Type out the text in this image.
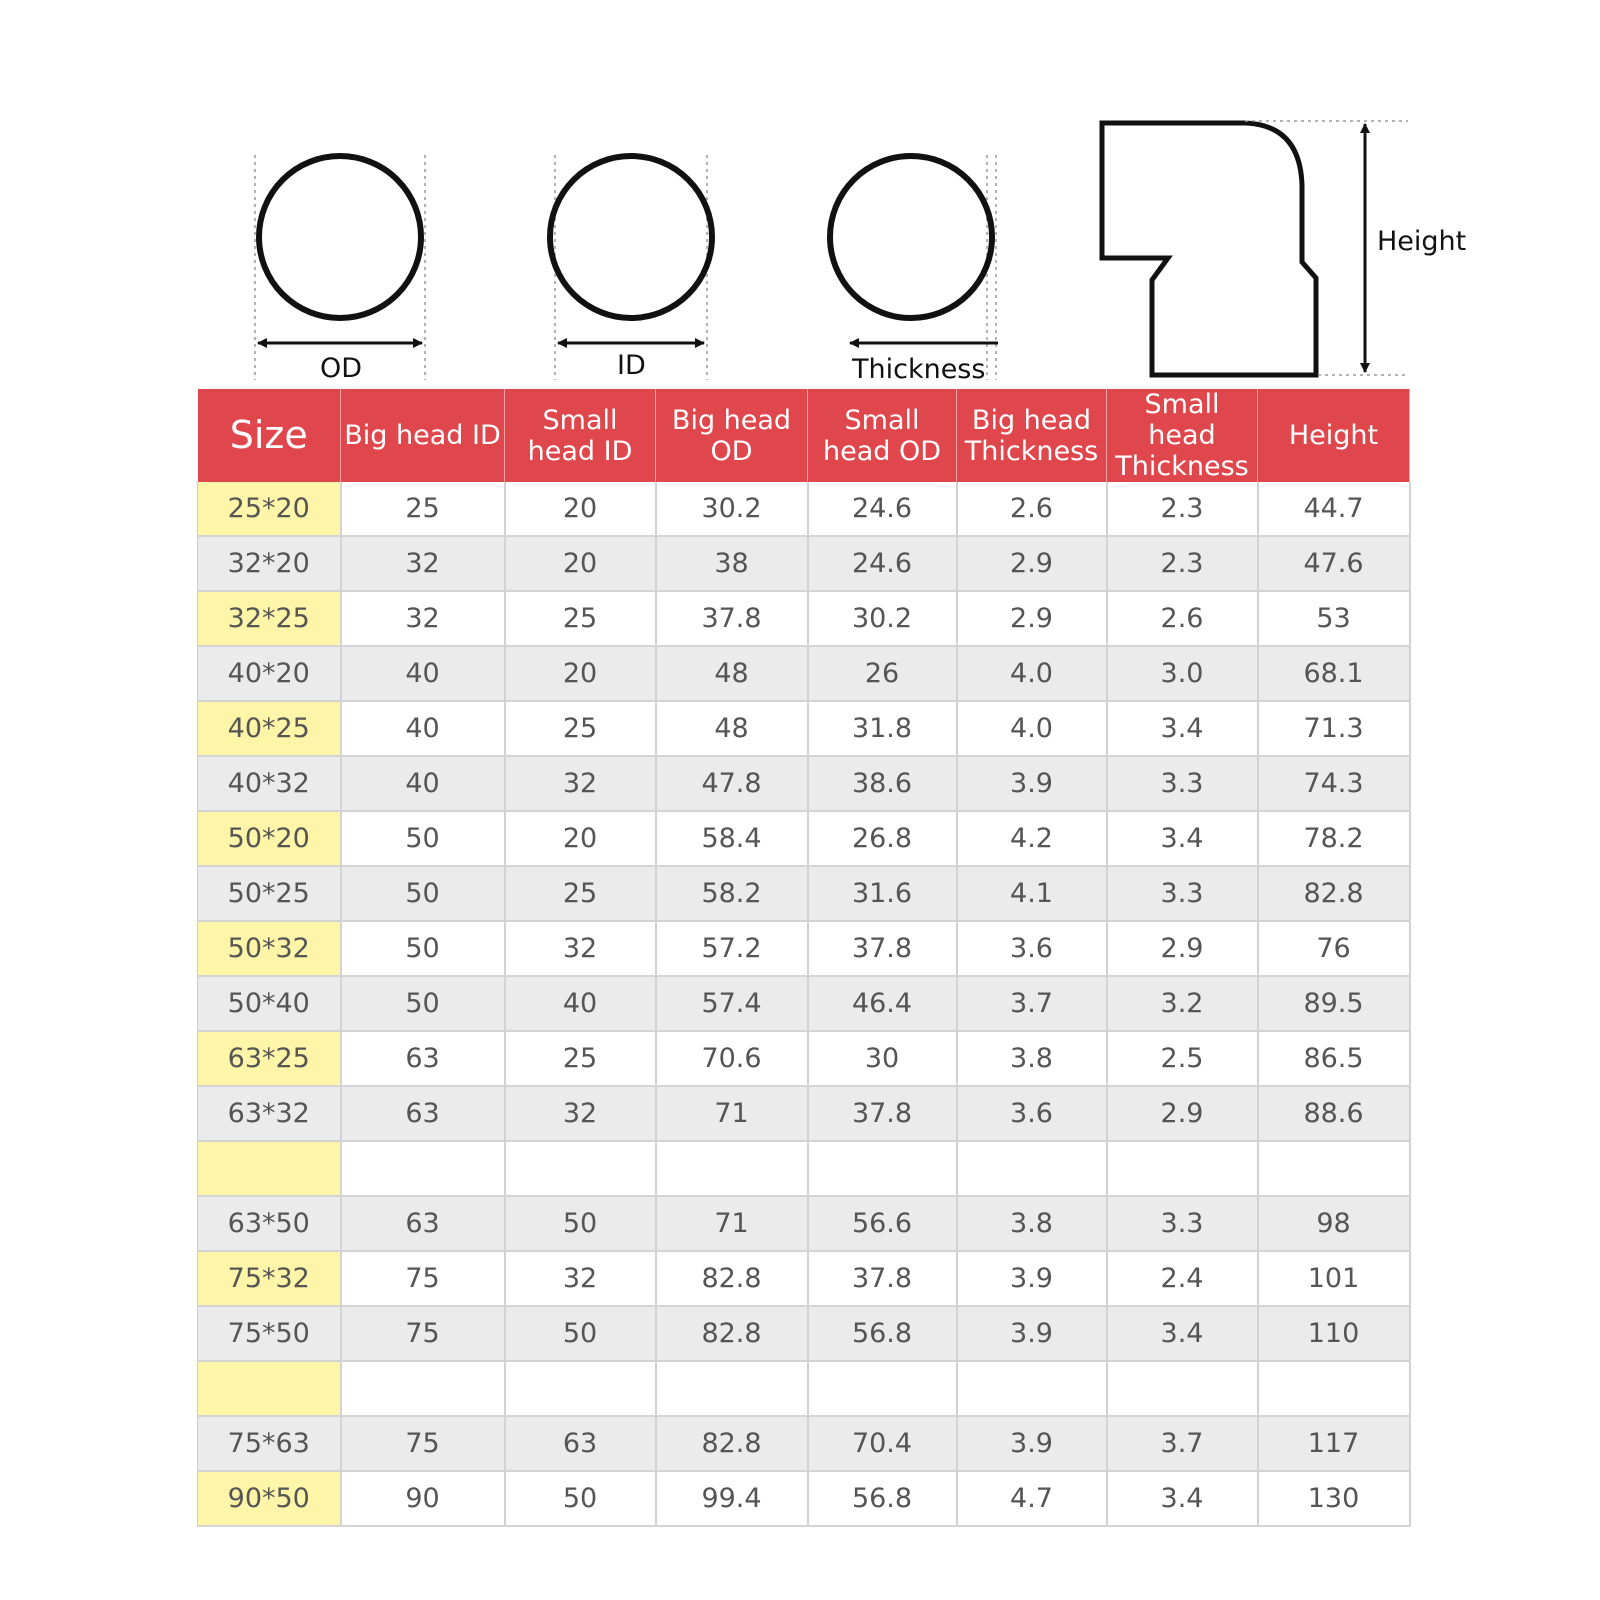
OD	ID	Thickness
Height
Size	Big head ID	Small head ID	Big head OD	Small head OD	Big head Thickness	Small head Thickness	Height
25*20	25	20	30.2	24.6	2.6	2.3	44.7
32*20	32	20	38	24.6	2.9	2.3	47.6
32*25	32	25	37.8	30.2	2.9	2.6	53
40*20	40	20	48	26	4.0	3.0	68.1
40*25	40	25	48	31.8	4.0	3.4	71.3
40*32	40	32	47.8	38.6	3.9	3.3	74.3
50*20	50	20	58.4	26.8	4.2	3.4	78.2
50*25	50	25	58.2	31.6	4.1	3.3	82.8
50*32	50	32	57.2	37.8	3.6	2.9	76
50*40	50	40	57.4	46.4	3.7	3.2	89.5
63*25	63	25	70.6	30	3.8	2.5	86.5
63*32	63	32	71	37.8	3.6	2.9	88.6

63*50	63	50	71	56.6	3.8	3.3	98
75*32	75	32	82.8	37.8	3.9	2.4	101
75*50	75	50	82.8	56.8	3.9	3.4	110

75*63	75	63	82.8	70.4	3.9	3.7	117
90*50	90	50	99.4	56.8	4.7	3.4	130
